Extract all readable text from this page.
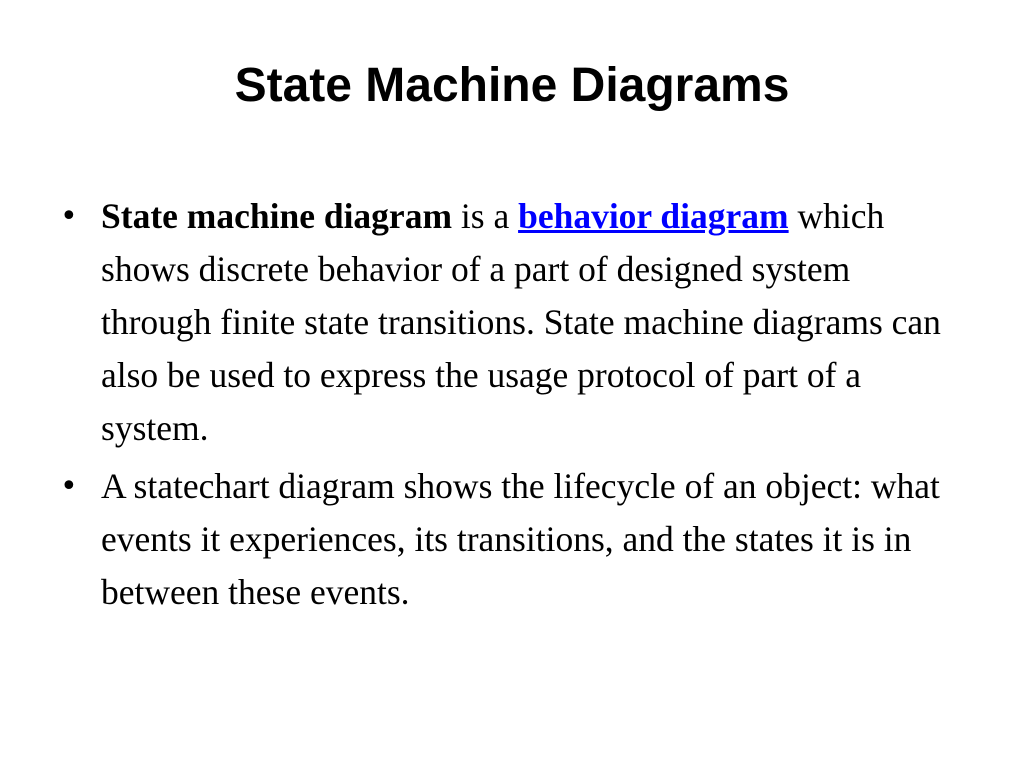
State Machine Diagrams
• State machine diagram is a behavior diagram which shows discrete behavior of a part of designed system through finite state transitions. State machine diagrams can also be used to express the usage protocol of part of a system.
• A statechart diagram shows the lifecycle of an object: what events it experiences, its transitions, and the states it is in between these events.
